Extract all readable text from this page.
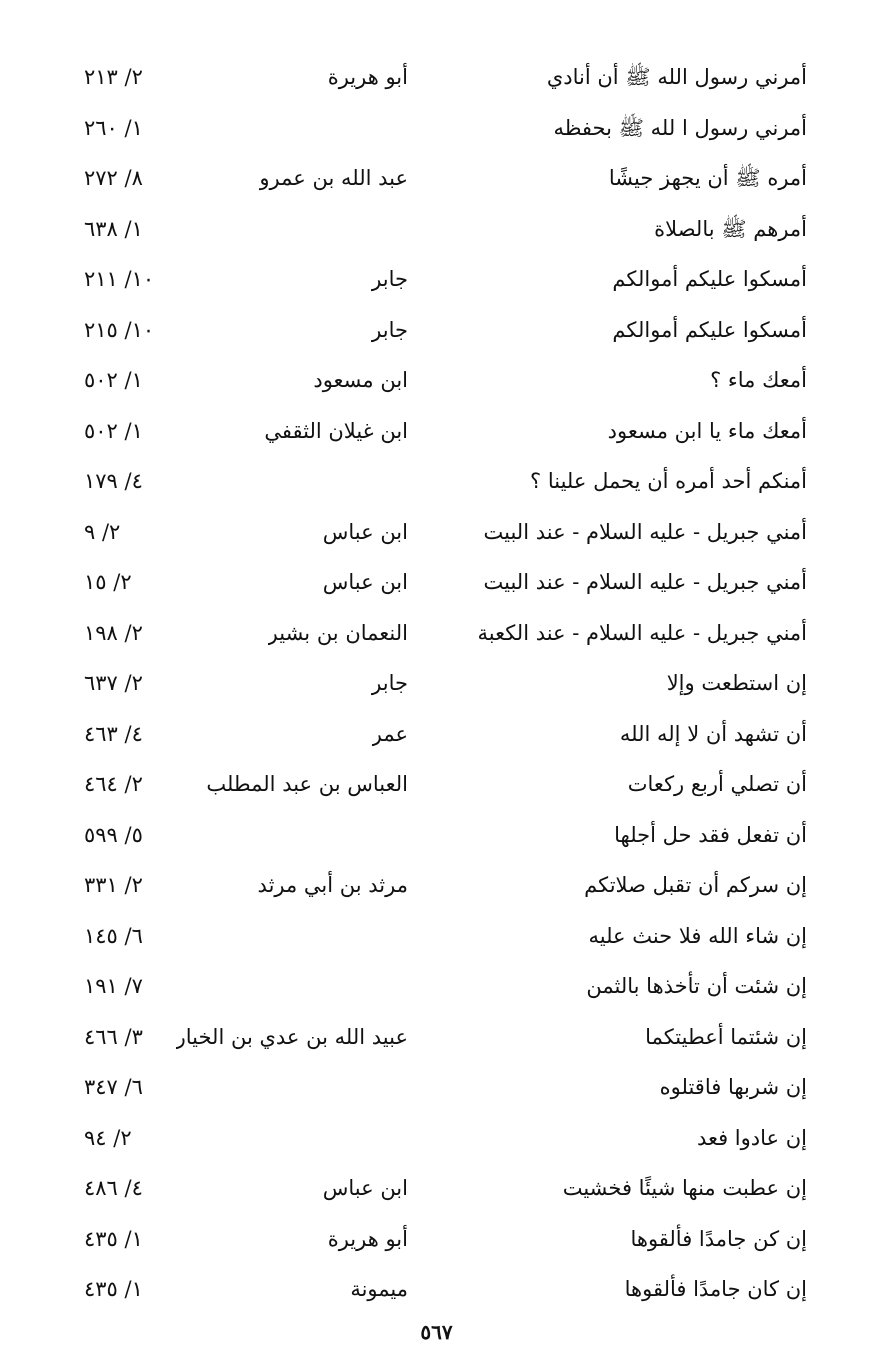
أمرني رسول الله ﷺ أن أنادي
أبو هريرة
٢/ ٢١٣
أمرني رسول ا لله ﷺ بحفظه
١/ ٢٦٠
أمره ﷺ أن يجهز جيشًا
عبد الله بن عمرو
٨/ ٢٧٢
أمرهم ﷺ بالصلاة
١/ ٦٣٨
أمسكوا عليكم أموالكم
جابر
١٠/ ٢١١
أمسكوا عليكم أموالكم
جابر
١٠/ ٢١٥
أمعك ماء ؟
ابن مسعود
١/ ٥٠٢
أمعك ماء يا ابن مسعود
ابن غيلان الثقفي
١/ ٥٠٢
أمنكم أحد أمره أن يحمل علينا ؟
٤/ ١٧٩
أمني جبريل - عليه السلام - عند البيت
ابن عباس
٢/ ٩
أمني جبريل - عليه السلام - عند البيت
ابن عباس
٢/ ١٥
أمني جبريل - عليه السلام - عند الكعبة
النعمان بن بشير
٢/ ١٩٨
إن استطعت وإلا
جابر
٢/ ٦٣٧
أن تشهد أن لا إله الله
عمر
٤/ ٤٦٣
أن تصلي أربع ركعات
العباس بن عبد المطلب
٢/ ٤٦٤
أن تفعل فقد حل أجلها
٥/ ٥٩٩
إن سركم أن تقبل صلاتكم
مرثد بن أبي مرثد
٢/ ٣٣١
إن شاء الله فلا حنث عليه
٦/ ١٤٥
إن شئت أن تأخذها بالثمن
٧/ ١٩١
إن شئتما أعطيتكما
عبيد الله بن عدي بن الخيار
٣/ ٤٦٦
إن شربها فاقتلوه
٦/ ٣٤٧
إن عادوا فعد
٢/ ٩٤
إن عطبت منها شيئًا فخشيت
ابن عباس
٤/ ٤٨٦
إن كن جامدًا فألقوها
أبو هريرة
١/ ٤٣٥
إن كان جامدًا فألقوها
ميمونة
١/ ٤٣٥
٥٦٧
